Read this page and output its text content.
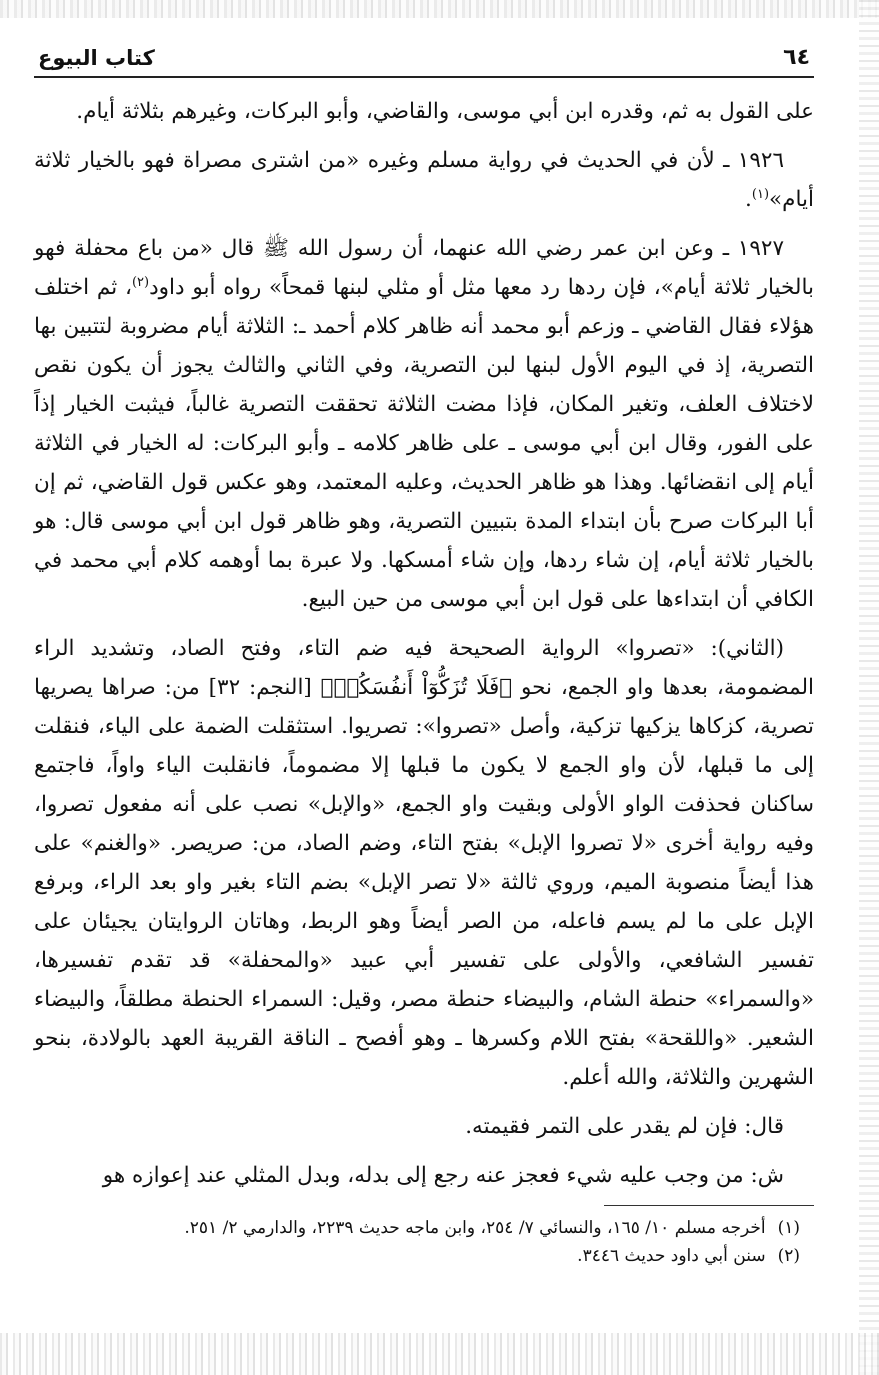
٦٤
كتاب البيوع

على القول به ثم، وقدره ابن أبي موسى، والقاضي، وأبو البركات، وغيرهم بثلاثة أيام.

١٩٢٦ ـ لأن في الحديث في رواية مسلم وغيره «من اشترى مصراة فهو بالخيار ثلاثة أيام»$^{(١)}$.

١٩٢٧ ـ وعن ابن عمر رضي الله عنهما، أن رسول الله ﷺ قال «من باع محفلة فهو بالخيار ثلاثة أيام»، فإن ردها رد معها مثل أو مثلي لبنها قمحاً» رواه أبو داود$^{(٢)}$، ثم اختلف هؤلاء فقال القاضي ـ وزعم أبو محمد أنه ظاهر كلام أحمد ـ: الثلاثة أيام مضروبة لتتبين بها التصرية، إذ في اليوم الأول لبنها لبن التصرية، وفي الثاني والثالث يجوز أن يكون نقص لاختلاف العلف، وتغير المكان، فإذا مضت الثلاثة تحققت التصرية غالباً، فيثبت الخيار إذاً على الفور، وقال ابن أبي موسى ـ على ظاهر كلامه ـ وأبو البركات: له الخيار في الثلاثة أيام إلى انقضائها. وهذا هو ظاهر الحديث، وعليه المعتمد، وهو عكس قول القاضي، ثم إن أبا البركات صرح بأن ابتداء المدة بتبيين التصرية، وهو ظاهر قول ابن أبي موسى قال: هو بالخيار ثلاثة أيام، إن شاء ردها، وإن شاء أمسكها. ولا عبرة بما أوهمه كلام أبي محمد في الكافي أن ابتداءها على قول ابن أبي موسى من حين البيع.

(الثاني): «تصروا» الرواية الصحيحة فيه ضم التاء، وفتح الصاد، وتشديد الراء المضمومة، بعدها واو الجمع، نحو ﴿فَلَا تُزَكُّوٓاْ أَنفُسَكُمۡ﴾ [النجم: ٣٢] من: صراها يصريها تصرية، كزكاها يزكيها تزكية، وأصل «تصروا»: تصريوا. استثقلت الضمة على الياء، فنقلت إلى ما قبلها، لأن واو الجمع لا يكون ما قبلها إلا مضموماً، فانقلبت الياء واواً، فاجتمع ساكنان فحذفت الواو الأولى وبقيت واو الجمع، «والإبل» نصب على أنه مفعول تصروا، وفيه رواية أخرى «لا تصروا الإبل» بفتح التاء، وضم الصاد، من: صريصر. «والغنم» على هذا أيضاً منصوبة الميم، وروي ثالثة «لا تصر الإبل» بضم التاء بغير واو بعد الراء، وبرفع الإبل على ما لم يسم فاعله، من الصر أيضاً وهو الربط، وهاتان الروايتان يجيئان على تفسير الشافعي، والأولى على تفسير أبي عبيد «والمحفلة» قد تقدم تفسيرها، «والسمراء» حنطة الشام، والبيضاء حنطة مصر، وقيل: السمراء الحنطة مطلقاً، والبيضاء الشعير. «واللقحة» بفتح اللام وكسرها ـ وهو أفصح ـ الناقة القريبة العهد بالولادة، بنحو الشهرين والثلاثة، والله أعلم.

قال: فإن لم يقدر على التمر فقيمته.

ش: من وجب عليه شيء فعجز عنه رجع إلى بدله، وبدل المثلي عند إعوازه هو

(١)أخرجه مسلم ١٠/ ١٦٥، والنسائي ٧/ ٢٥٤، وابن ماجه حديث ٢٢٣٩، والدارمي ٢/ ٢٥١.

(٢)سنن أبي داود حديث ٣٤٤٦.
